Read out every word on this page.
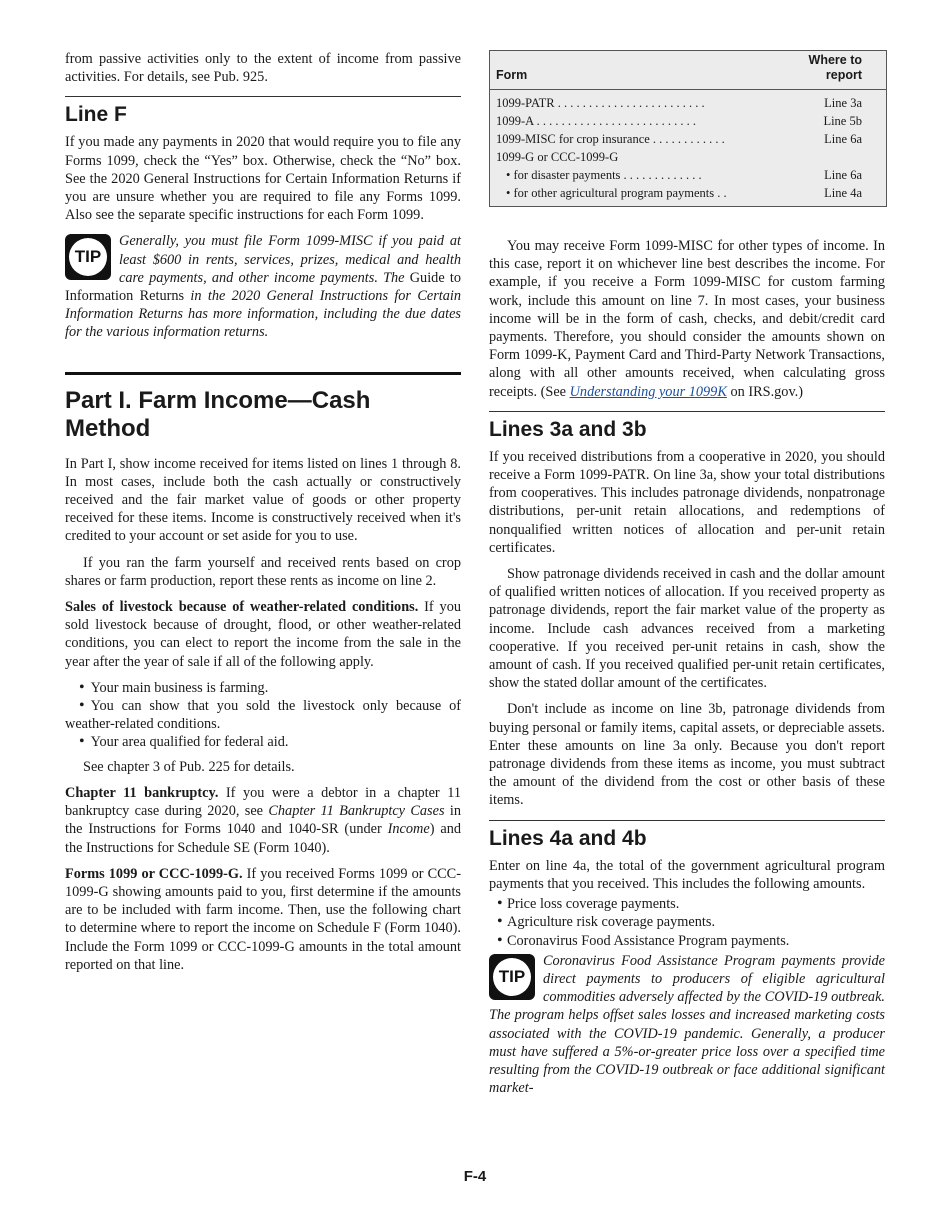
from passive activities only to the extent of income from passive activities. For details, see Pub. 925.

Line F

If you made any payments in 2020 that would require you to file any Forms 1099, check the “Yes” box. Otherwise, check the “No” box. See the 2020 General Instructions for Certain Information Returns if you are unsure whether you are required to file any Forms 1099. Also see the separate specific instructions for each Form 1099.

TIP

Generally, you must file Form 1099-MISC if you paid at least $600 in rents, services, prizes, medical and health care payments, and other income payments. The Guide to Information Returns in the 2020 General Instructions for Certain Information Returns has more information, including the due dates for the various information returns.

Part I. Farm Income—Cash Method

In Part I, show income received for items listed on lines 1 through 8. In most cases, include both the cash actually or constructively received and the fair market value of goods or other property received for these items. Income is constructively received when it's credited to your account or set aside for you to use.

If you ran the farm yourself and received rents based on crop shares or farm production, report these rents as income on line 2.

Sales of livestock because of weather-related conditions. If you sold livestock because of drought, flood, or other weather-related conditions, you can elect to report the income from the sale in the year after the year of sale if all of the following apply.

• Your main business is farming.
• You can show that you sold the livestock only because of weather-related conditions.
• Your area qualified for federal aid.

See chapter 3 of Pub. 225 for details.

Chapter 11 bankruptcy. If you were a debtor in a chapter 11 bankruptcy case during 2020, see Chapter 11 Bankruptcy Cases in the Instructions for Forms 1040 and 1040-SR (under Income) and the Instructions for Schedule SE (Form 1040).

Forms 1099 or CCC-1099-G. If you received Forms 1099 or CCC-1099-G showing amounts paid to you, first determine if the amounts are to be included with farm income. Then, use the following chart to determine where to report the income on Schedule F (Form 1040). Include the Form 1099 or CCC-1099-G amounts in the total amount reported on that line.

Form
Where to
report
1099-PATR . . . . . . . . . . . . . . . . . . . . . . . .	Line 3a
1099-A . . . . . . . . . . . . . . . . . . . . . . . . . .	Line 5b
1099-MISC for crop insurance . . . . . . . . . . . .	Line 6a
1099-G or CCC-1099-G
• for disaster payments . . . . . . . . . . . . .	Line 6a
• for other agricultural program payments . .	Line 4a

You may receive Form 1099-MISC for other types of income. In this case, report it on whichever line best describes the income. For example, if you receive a Form 1099-MISC for custom farming work, include this amount on line 7. In most cases, your business income will be in the form of cash, checks, and debit/credit card payments. Therefore, you should consider the amounts shown on Form 1099-K, Payment Card and Third-Party Network Transactions, along with all other amounts received, when calculating gross receipts. (See Understanding your 1099K on IRS.gov.)

Lines 3a and 3b

If you received distributions from a cooperative in 2020, you should receive a Form 1099-PATR. On line 3a, show your total distributions from cooperatives. This includes patronage dividends, nonpatronage distributions, per-unit retain allocations, and redemptions of nonqualified written notices of allocation and per-unit retain certificates.

Show patronage dividends received in cash and the dollar amount of qualified written notices of allocation. If you received property as patronage dividends, report the fair market value of the property as income. Include cash advances received from a marketing cooperative. If you received per-unit retains in cash, show the amount of cash. If you received qualified per-unit retain certificates, show the stated dollar amount of the certificates.

Don't include as income on line 3b, patronage dividends from buying personal or family items, capital assets, or depreciable assets. Enter these amounts on line 3a only. Because you don't report patronage dividends from these items as income, you must subtract the amount of the dividend from the cost or other basis of these items.

Lines 4a and 4b

Enter on line 4a, the total of the government agricultural program payments that you received. This includes the following amounts.

• Price loss coverage payments.
• Agriculture risk coverage payments.
• Coronavirus Food Assistance Program payments.
TIP

Coronavirus Food Assistance Program payments provide direct payments to producers of eligible agricultural commodities adversely affected by the COVID-19 outbreak. The program helps offset sales losses and increased marketing costs associated with the COVID-19 pandemic. Generally, a producer must have suffered a 5%-or-greater price loss over a specified time resulting from the COVID-19 outbreak or face additional significant market-

F-4
